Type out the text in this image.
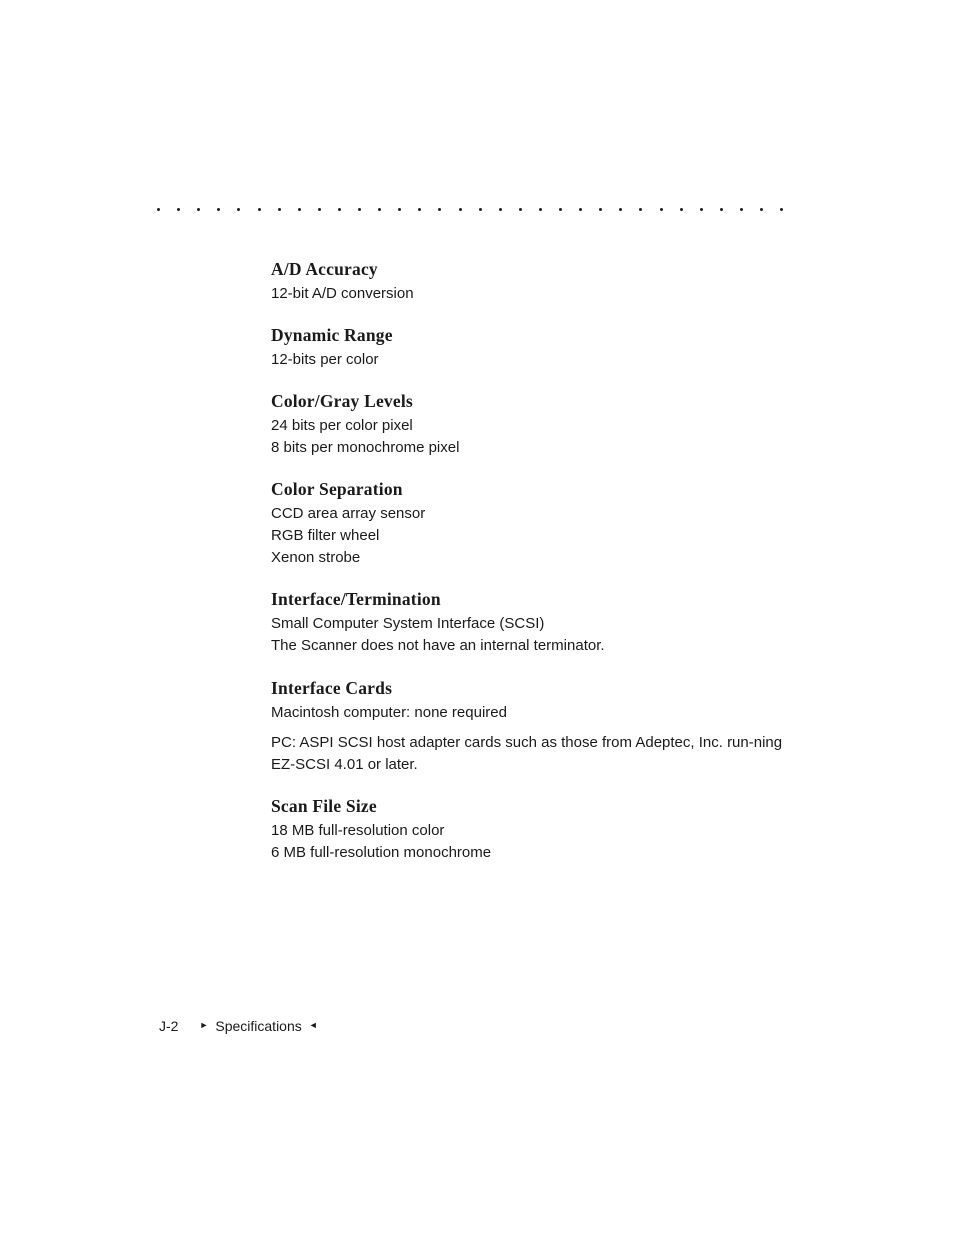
A/D Accuracy

12-bit A/D conversion

Dynamic Range

12-bits per color

Color/Gray Levels

24 bits per color pixel

8 bits per monochrome pixel

Color Separation

CCD area array sensor

RGB filter wheel

Xenon strobe

Interface/Termination

Small Computer System Interface (SCSI)

The Scanner does not have an internal terminator.

Interface Cards

Macintosh computer: none required

PC: ASPI SCSI host adapter cards such as those from Adeptec, Inc. run-ning EZ-SCSI 4.01 or later.

Scan File Size

18 MB full-resolution color

6 MB full-resolution monochrome

J-2 ► Specifications ◄
